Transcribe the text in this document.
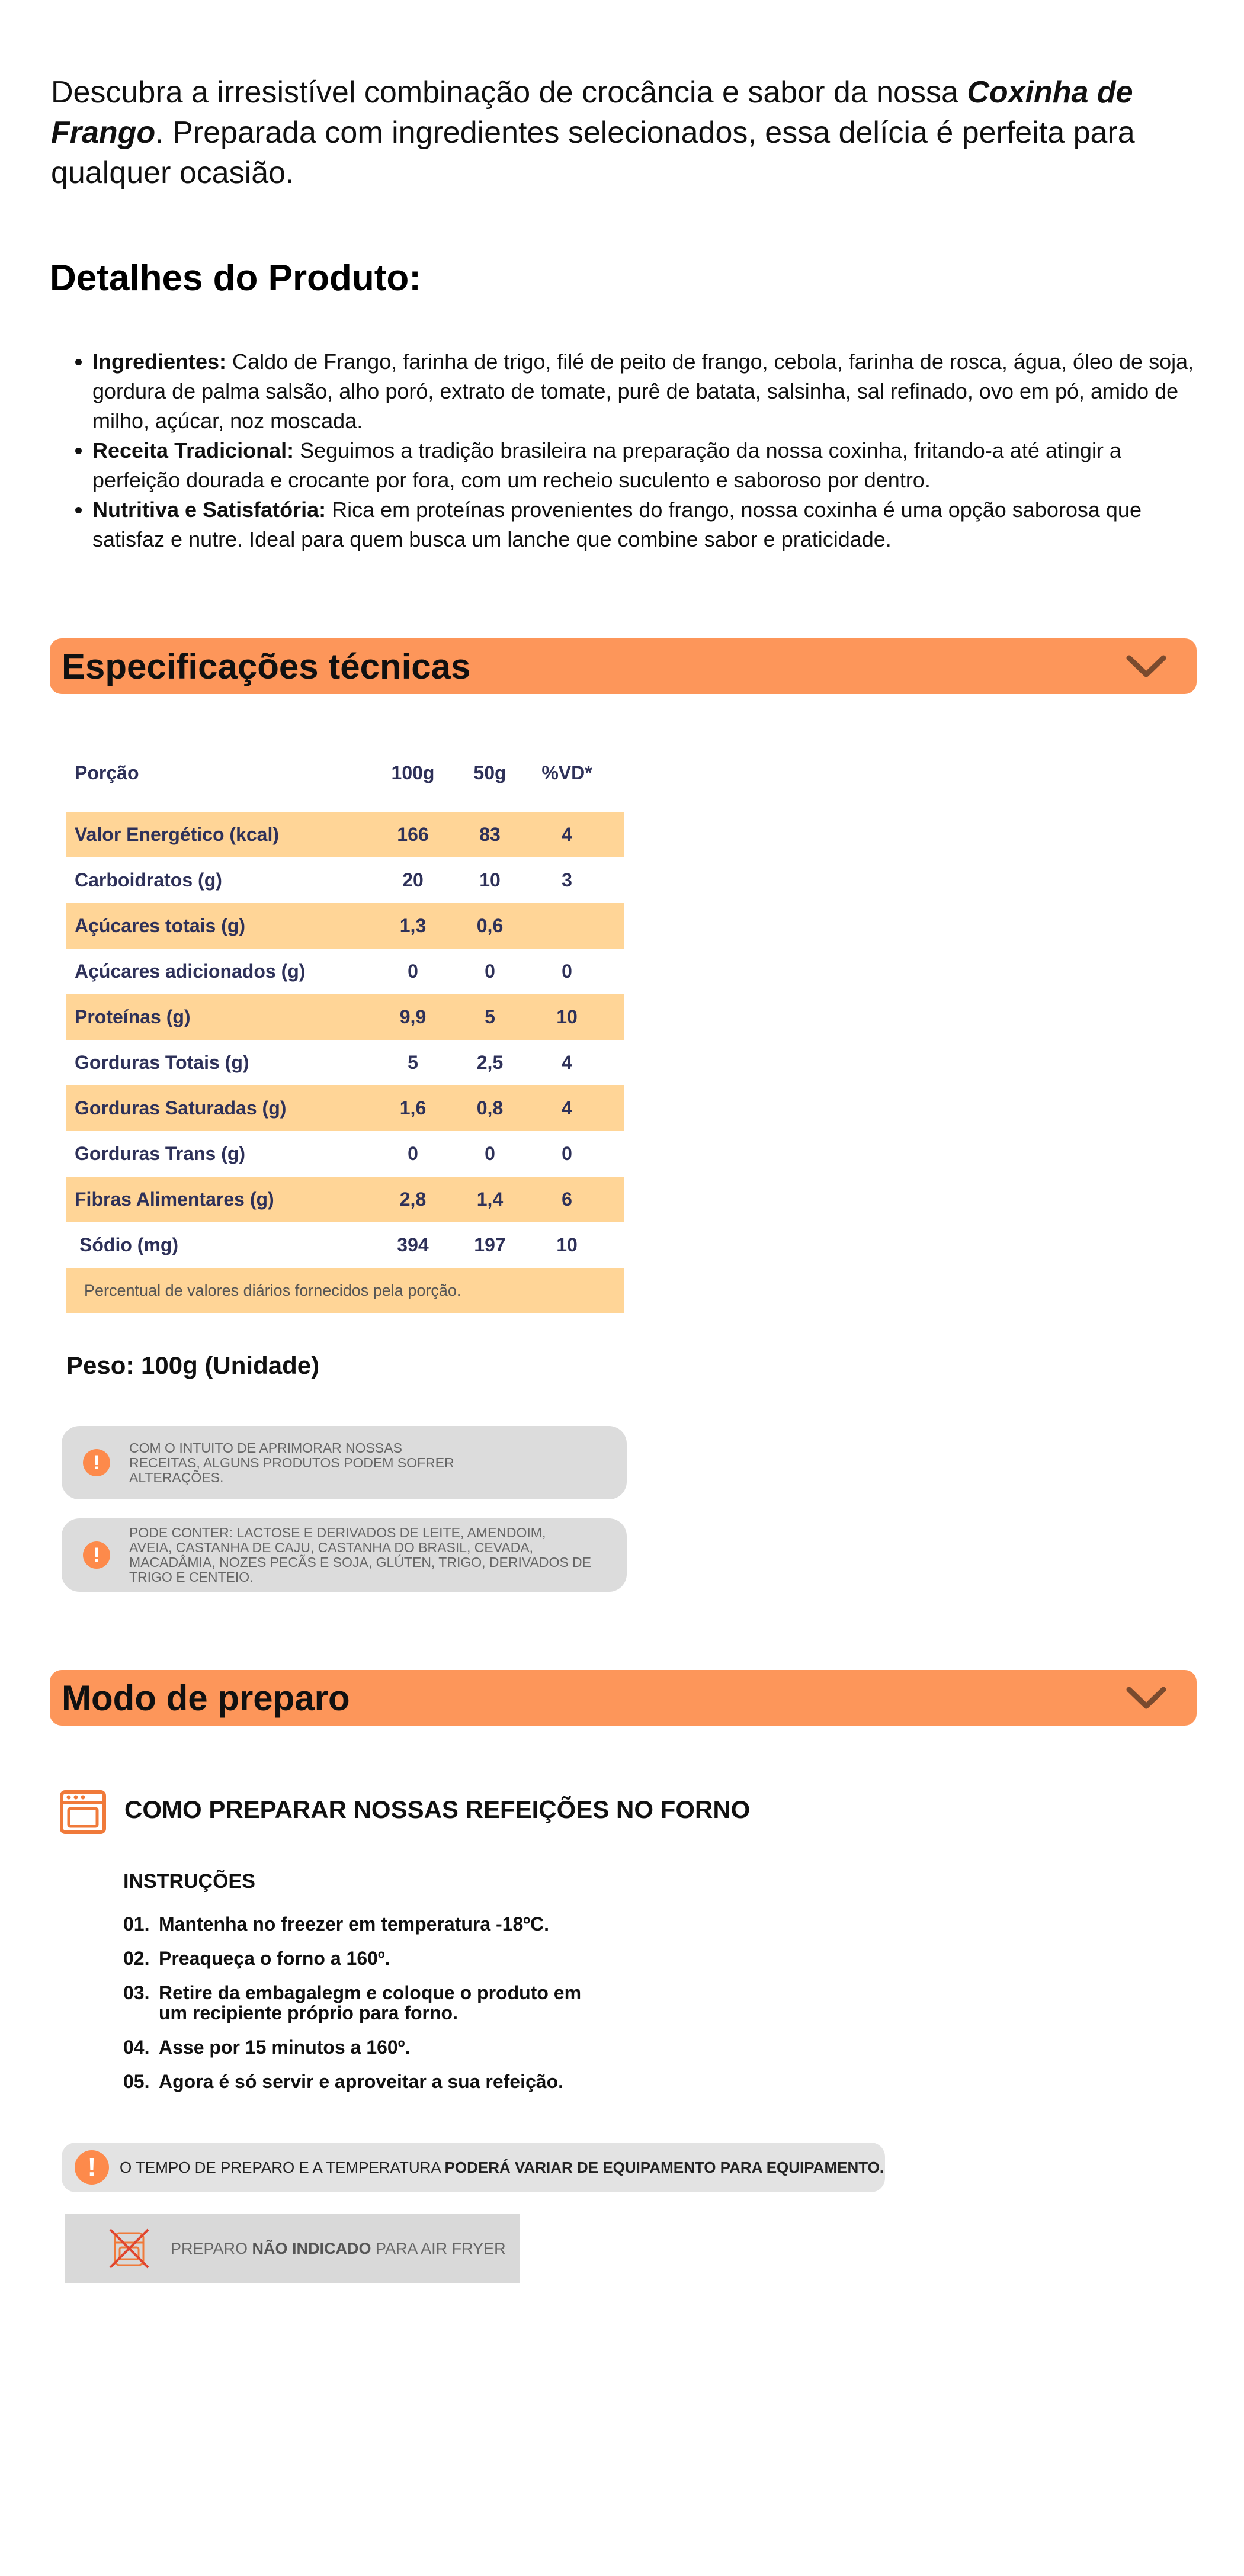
Descubra a irresistível combinação de crocância e sabor da nossa Coxinha de Frango. Preparada com ingredientes selecionados, essa delícia é perfeita para qualquer ocasião.
Detalhes do Produto:
• Ingredientes: Caldo de Frango, farinha de trigo, filé de peito de frango, cebola, farinha de rosca, água, óleo de soja, gordura de palma salsão, alho poró, extrato de tomate, purê de batata, salsinha, sal refinado, ovo em pó, amido de milho, açúcar, noz moscada.
• Receita Tradicional: Seguimos a tradição brasileira na preparação da nossa coxinha, fritando-a até atingir a perfeição dourada e crocante por fora, com um recheio suculento e saboroso por dentro.
• Nutritiva e Satisfatória: Rica em proteínas provenientes do frango, nossa coxinha é uma opção saborosa que satisfaz e nutre. Ideal para quem busca um lanche que combine sabor e praticidade.
Especificações técnicas
Porção	100g	50g	%VD*
Valor Energético (kcal)	166	83	4
Carboidratos (g)	20	10	3
Açúcares totais (g)	1,3	0,6
Açúcares adicionados (g)	0	0	0
Proteínas (g)	9,9	5	10
Gorduras Totais (g)	5	2,5	4
Gorduras Saturadas (g)	1,6	0,8	4
Gorduras Trans (g)	0	0	0
Fibras Alimentares (g)	2,8	1,4	6
Sódio (mg)	394	197	10
Percentual de valores diários fornecidos pela porção.
Peso: 100g (Unidade)
!
COM O INTUITO DE APRIMORAR NOSSAS RECEITAS, ALGUNS PRODUTOS PODEM SOFRER ALTERAÇÕES.
!
PODE CONTER: LACTOSE E DERIVADOS DE LEITE, AMENDOIM, AVEIA, CASTANHA DE CAJU, CASTANHA DO BRASIL, CEVADA, MACADÂMIA, NOZES PECÃS E SOJA, GLÚTEN, TRIGO, DERIVADOS DE TRIGO E CENTEIO.
Modo de preparo
COMO PREPARAR NOSSAS REFEIÇÕES NO FORNO
INSTRUÇÕES
01. Mantenha no freezer em temperatura -18ºC.
02. Preaqueça o forno a 160º.
03. Retire da embagalegm e coloque o produto em um recipiente próprio para forno.
04. Asse por 15 minutos a 160º.
05. Agora é só servir e aproveitar a sua refeição.
!	O TEMPO DE PREPARO E A TEMPERATURA PODERÁ VARIAR DE EQUIPAMENTO PARA EQUIPAMENTO.
PREPARO NÃO INDICADO PARA AIR FRYER
